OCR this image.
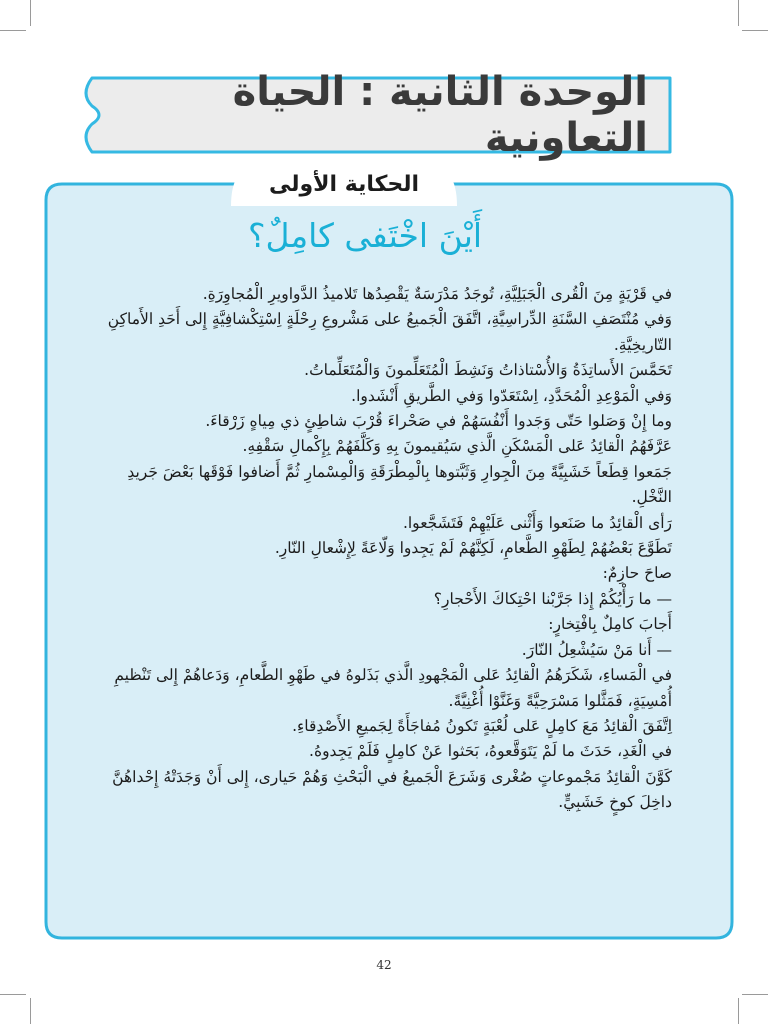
الوحدة الثانية : الحياة التعاونية
الحكاية الأولى
أَيْنَ اخْتَفى كامِلٌ؟

في قَرْيَةٍ مِنَ الْقُرى الْجَبَلِيَّةِ، تُوجَدُ مَدْرَسَةٌ يَقْصِدُها تَلاميذُ الدَّواويرِ الْمُجاوِرَةِ.

وَفي مُنْتَصَفِ السَّنَةِ الدِّراسِيَّةِ، اتَّفَقَ الْجَميعُ على مَشْروعِ رِحْلَةٍ اِسْتِكْشافِيَّةٍ إِلى أَحَدِ الأَماكِنِ التّاريخِيَّةِ.

تَحَمَّسَ الأَساتِذَةُ وَالأُسْتاذاتُ وَنَشِطَ الْمُتَعَلِّمونَ وَالْمُتَعَلِّماتُ.

وَفي الْمَوْعِدِ الْمُحَدَّدِ، اِسْتَعَدّوا وَفي الطَّريقِ أَنْشَدوا.

وما إِنْ وَصَلوا حَتّى وَجَدوا أَنْفُسَهُمْ في صَحْراءَ قُرْبَ شاطِئٍ ذي مِياهٍ زَرْقاءَ.

عَرَّفَهُمُ الْقائِدُ عَلى الْمَسْكَنِ الَّذي سَيُقيمونَ بِهِ وَكَلَّفَهُمْ بِإِكْمالِ سَقْفِهِ.

جَمَعوا قِطَعاً خَشَبِيَّةً مِنَ الْجِوارِ وَثَبَّتوها بِالْمِطْرَقَةِ وَالْمِسْمارِ ثُمَّ أَضافوا فَوْقَها بَعْضَ جَريدِ النَّخْلِ.

رَأى الْقائِدُ ما صَنَعوا وَأَثْنى عَلَيْهِمْ فَتَشَجَّعوا.

تَطَوَّعَ بَعْضُهُمْ لِطَهْوِ الطَّعامِ، لَكِنَّهُمْ لَمْ يَجِدوا وَلّاعَةً لِإِشْعالِ النّارِ.

صاحَ حازِمٌ:

— ما رَأْيُكُمْ إِذا جَرَّبْنا احْتِكاكَ الأَحْجارِ؟

أَجابَ كامِلٌ بِافْتِخارٍ:

— أَنا مَنْ سَيُشْعِلُ النّارَ.

في الْمَساءِ، شَكَرَهُمُ الْقائِدُ عَلى الْمَجْهودِ الَّذي بَذَلوهُ في طَهْوِ الطَّعامِ، وَدَعاهُمْ إِلى تَنْظيمِ أُمْسِيَةٍ، فَمَثَّلوا مَسْرَحِيَّةً وَغَنَّوْا أُغْنِيَّةً.

اِتَّفَقَ الْقائِدُ مَعَ كامِلٍ عَلى لُعْبَةٍ تَكونُ مُفاجَأَةً لِجَميعِ الأَصْدِقاءِ.

في الْغَدِ، حَدَثَ ما لَمْ يَتَوَقَّعوهُ، بَحَثوا عَنْ كامِلٍ فَلَمْ يَجِدوهُ.

كَوَّنَ الْقائِدُ مَجْموعاتٍ صُغْرى وَشَرَعَ الْجَميعُ في الْبَحْثِ وَهُمْ حَيارى، إِلى أَنْ وَجَدَتْهُ إِحْداهُنَّ داخِلَ كوخٍ خَشَبِيٍّ.

42
